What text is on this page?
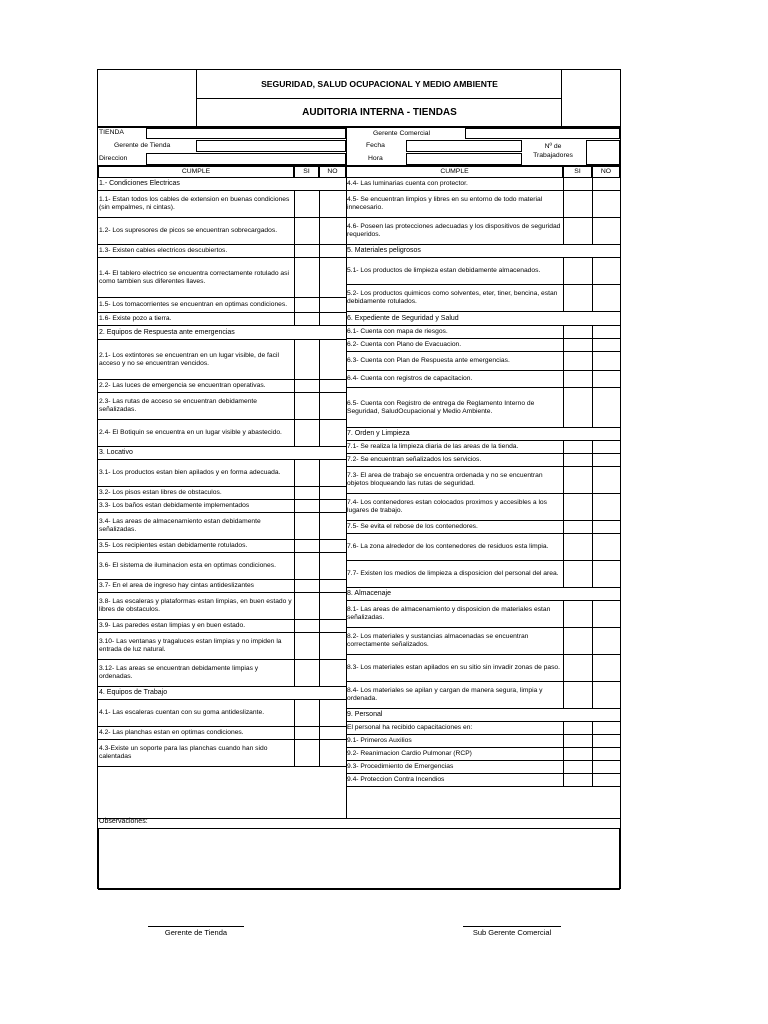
SEGURIDAD, SALUD OCUPACIONAL Y MEDIO AMBIENTE
AUDITORIA INTERNA - TIENDAS
TIENDA
Gerente de Tienda
Direccion
Gerente Comercial
Fecha
Hora
Nº de Trabajadores
CUMPLE	SI	NO	CUMPLE	SI	NO
1.- Condiciones Electricas
1.1- Estan todos los cables de extension en buenas condiciones (sin empalmes, ni cintas).
1.2- Los supresores de picos se encuentran sobrecargados.
1.3- Existen cables electricos descubiertos.
1.4- El tablero electrico se encuentra correctamente rotulado asi como tambien sus diferentes llaves.
1.5- Los tomacorrientes se encuentran en optimas condiciones.
1.6- Existe pozo a tierra.
2. Equipos de Respuesta ante emergencias
2.1- Los extintores se encuentran en un lugar visible, de facil acceso y no se encuentran vencidos.
2.2- Las luces de emergencia se encuentran operativas.
2.3- Las rutas de acceso se encuentran debidamente señalizadas.
2.4- El Botiquin se encuentra en un lugar visible y abastecido.
3. Locativo
3.1- Los productos estan bien apilados y en forma adecuada.
3.2- Los pisos estan libres de obstaculos.
3.3- Los baños estan debidamente implementados
3.4- Las areas de almacenamiento estan debidamente señalizadas.
3.5- Los recipientes estan debidamente rotulados.
3.6- El sistema de iluminacion esta en optimas condiciones.
3.7- En el area de ingreso hay cintas antideslizantes
3.8- Las escaleras y plataformas estan limpias, en buen estado y libres de obstaculos.
3.9- Las paredes estan limpias y en buen estado.
3.10- Las ventanas y tragaluces estan limpias y no impiden la entrada de luz natural.
3.12- Las areas se encuentran debidamente limpias y ordenadas.
4. Equipos de Trabajo
4.1- Las escaleras cuentan con su goma antideslizante.
4.2- Las planchas estan en optimas condiciones.
4.3-Existe un soporte para las planchas cuando han sido calentadas
4.4- Las luminarias cuenta con protector.
4.5- Se encuentran limpios y libres en su entorno de todo material innecesario.
4.6- Poseen las protecciones adecuadas y los dispositivos de seguridad requeridos.
5. Materiales peligrosos
5.1- Los productos de limpieza estan debidamente almacenados.
5.2- Los productos quimicos como solventes, eter, tiner, bencina, estan debidamente rotulados.
6. Expediente de Seguridad y Salud
6.1- Cuenta con mapa de riesgos.
6.2- Cuenta con Plano de Evacuacion.
6.3- Cuenta con Plan de Respuesta ante emergencias.
6.4- Cuenta con registros de capacitacion.
6.5- Cuenta con Registro de entrega de Reglamento Interno de Seguridad, SaludOcupacional y Medio Ambiente.
7. Orden y Limpieza
7.1- Se realiza la limpieza diaria de las areas de la tienda.
7.2- Se encuentran señalizados los servicios.
7.3- El area de trabajo se encuentra ordenada y no se encuentran objetos bloqueando las rutas de seguridad.
7.4- Los contenedores estan colocados proximos y accesibles a los lugares de trabajo.
7.5- Se evita el rebose de los contenedores.
7.6- La zona alrededor de los contenedores de residuos esta limpia.
7.7- Existen los medios de limpieza a disposicion del personal del area.
8. Almacenaje
8.1- Las areas de almacenamiento y disposicion de materiales estan señalizadas.
8.2- Los materiales y sustancias almacenadas se encuentran correctamente señalizados.
8.3- Los materiales estan apilados en su sitio sin invadir zonas de paso.
8.4- Los materiales se apilan y cargan de manera segura, limpia y ordenada.
9. Personal
El personal ha recibido capacitaciones en:
9.1- Primeros Auxilios
9.2- Reanimacion Cardio Pulmonar (RCP)
9.3- Procedimiento de Emergencias
9.4- Proteccion Contra Incendios
Observaciones:
Gerente de Tienda	Sub Gerente Comercial
